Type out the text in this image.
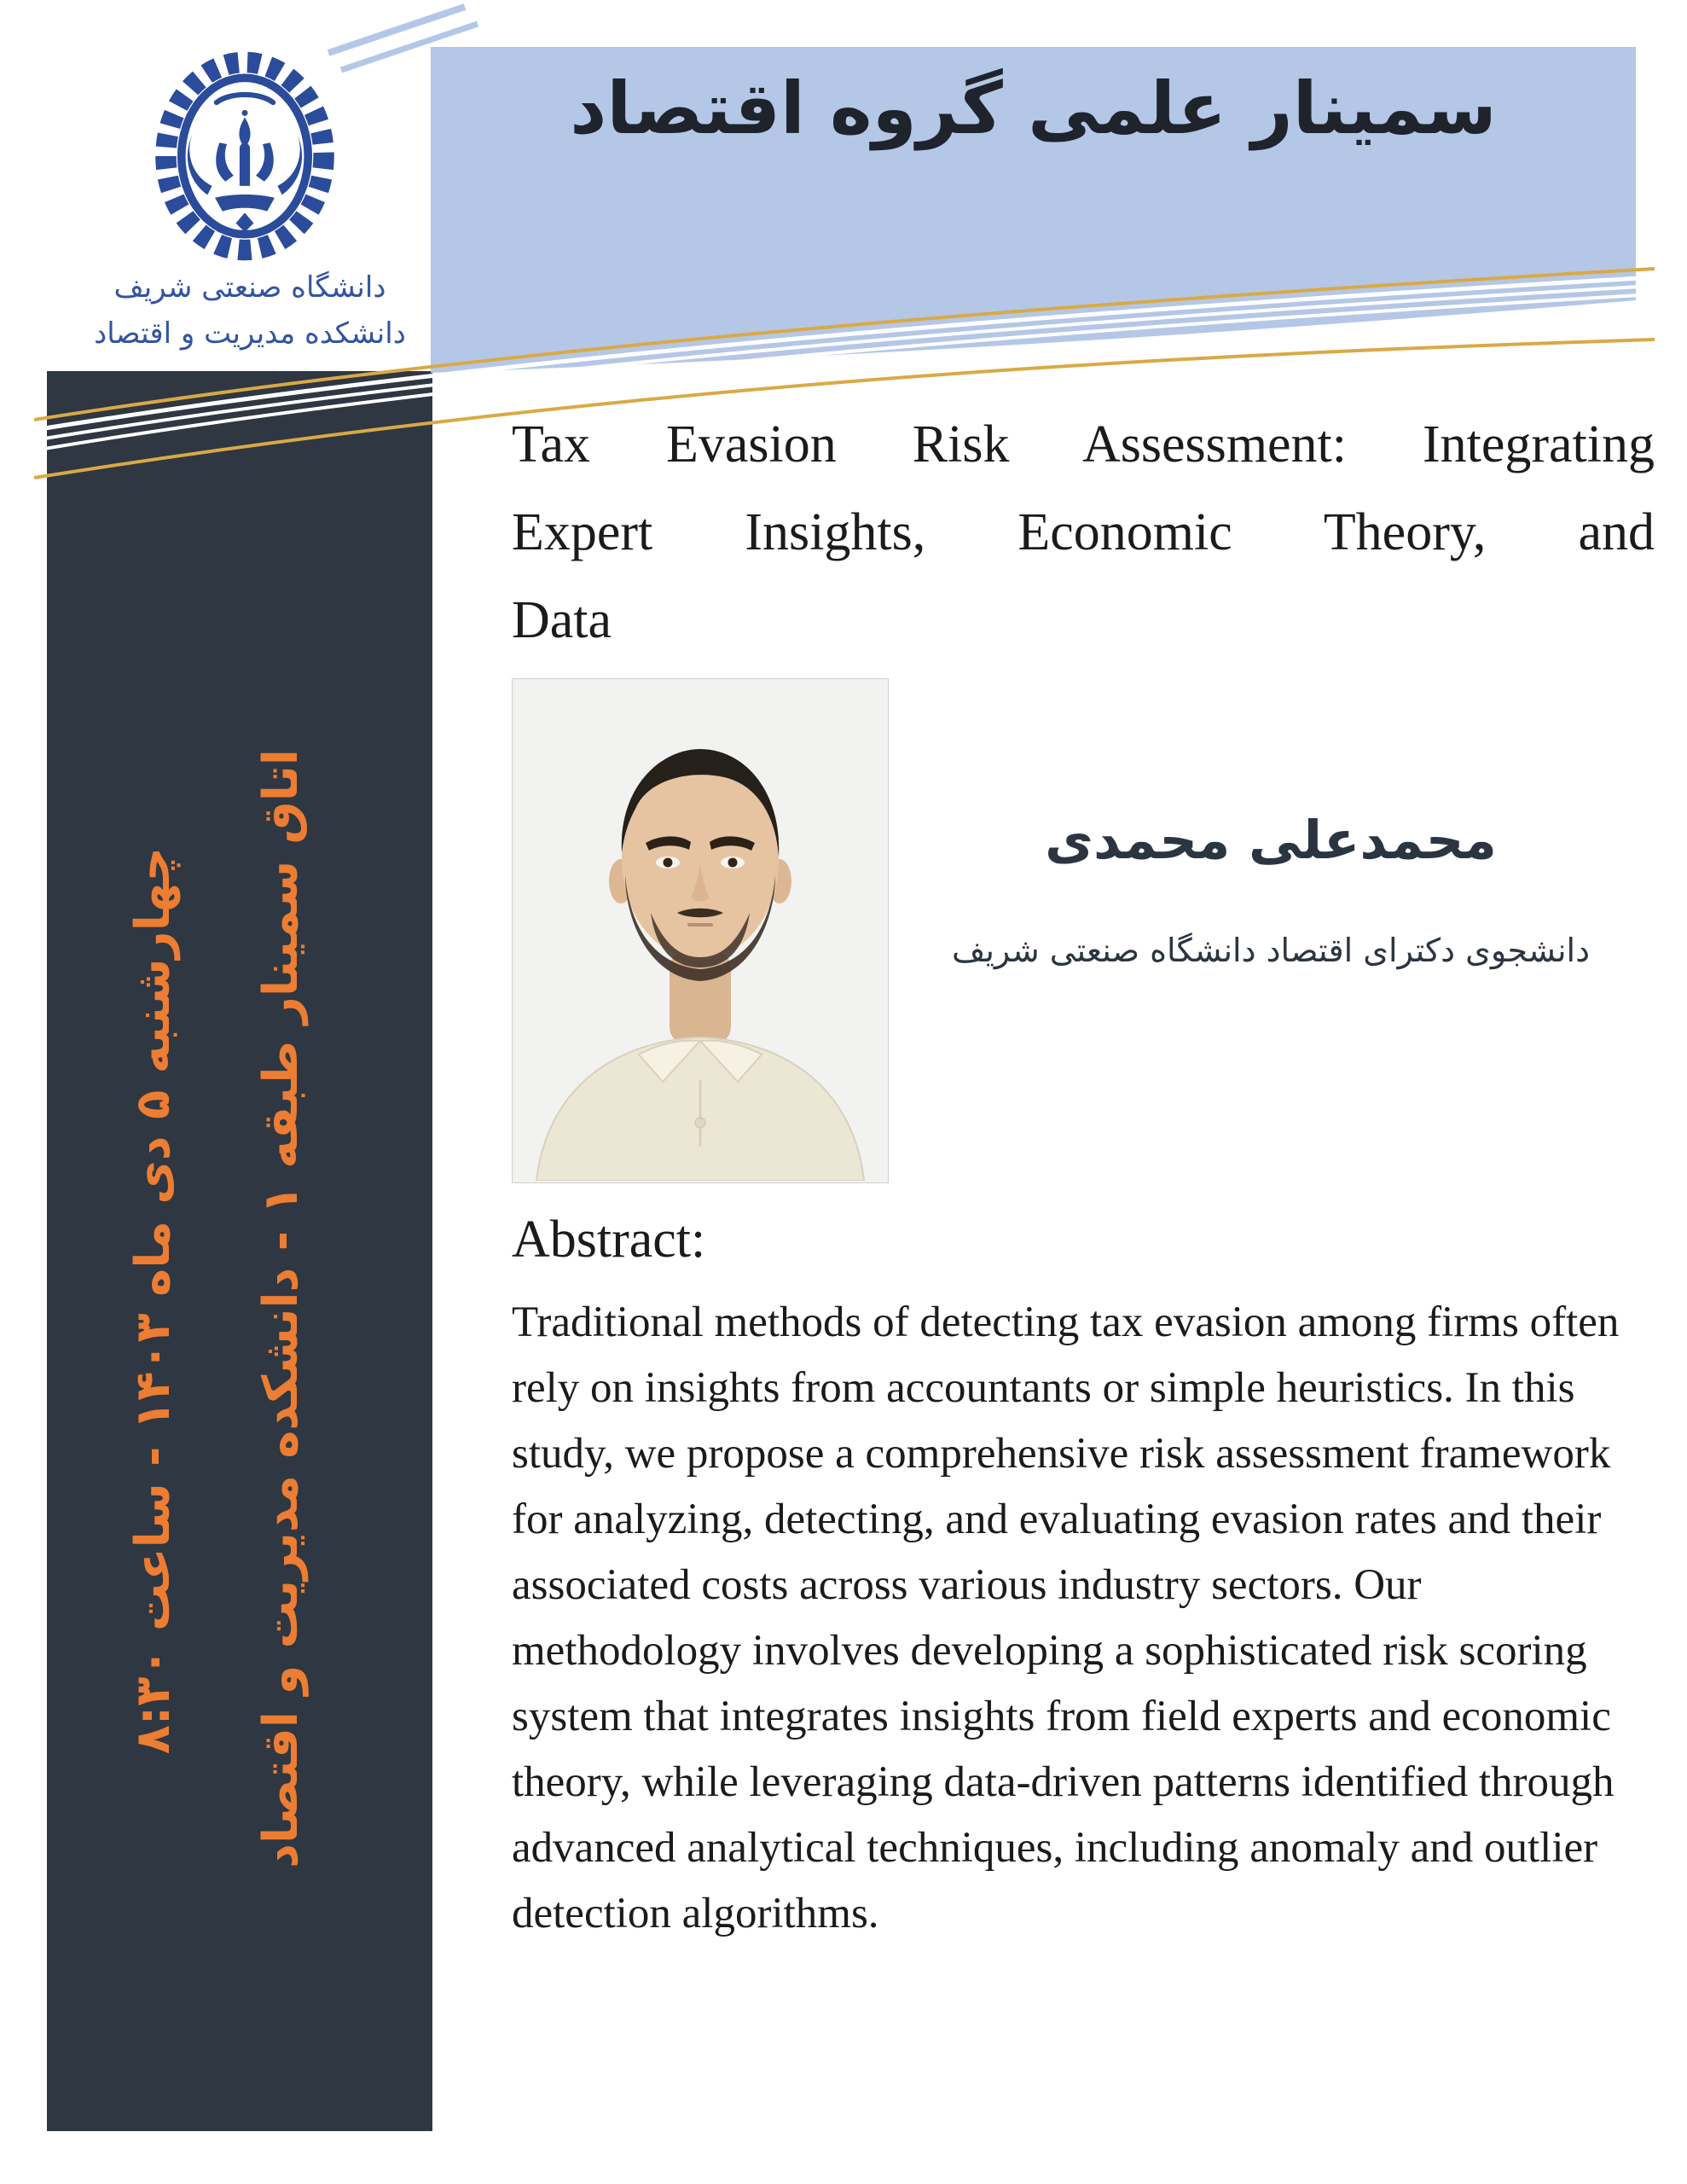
سمینار علمی گروه اقتصاد
دانشگاه صنعتی شریف
دانشکده مدیریت و اقتصاد
اتاق سمینار طبقه ۱ - دانشکده مدیریت و اقتصاد
چهارشنبه ۵ دی ماه ۱۴۰۳ - ساعت ۸:۳۰
Tax Evasion Risk Assessment: Integrating
Expert Insights, Economic Theory, and
Data
محمدعلی محمدی
دانشجوی دکترای اقتصاد دانشگاه صنعتی شریف
Abstract:
Traditional methods of detecting tax evasion among firms often rely on insights from accountants or simple heuristics. In this study, we propose a comprehensive risk assessment framework for analyzing, detecting, and evaluating evasion rates and their associated costs across various industry sectors. Our methodology involves developing a sophisticated risk scoring system that integrates insights from field experts and economic theory, while leveraging data-driven patterns identified through advanced analytical techniques, including anomaly and outlier detection algorithms.
